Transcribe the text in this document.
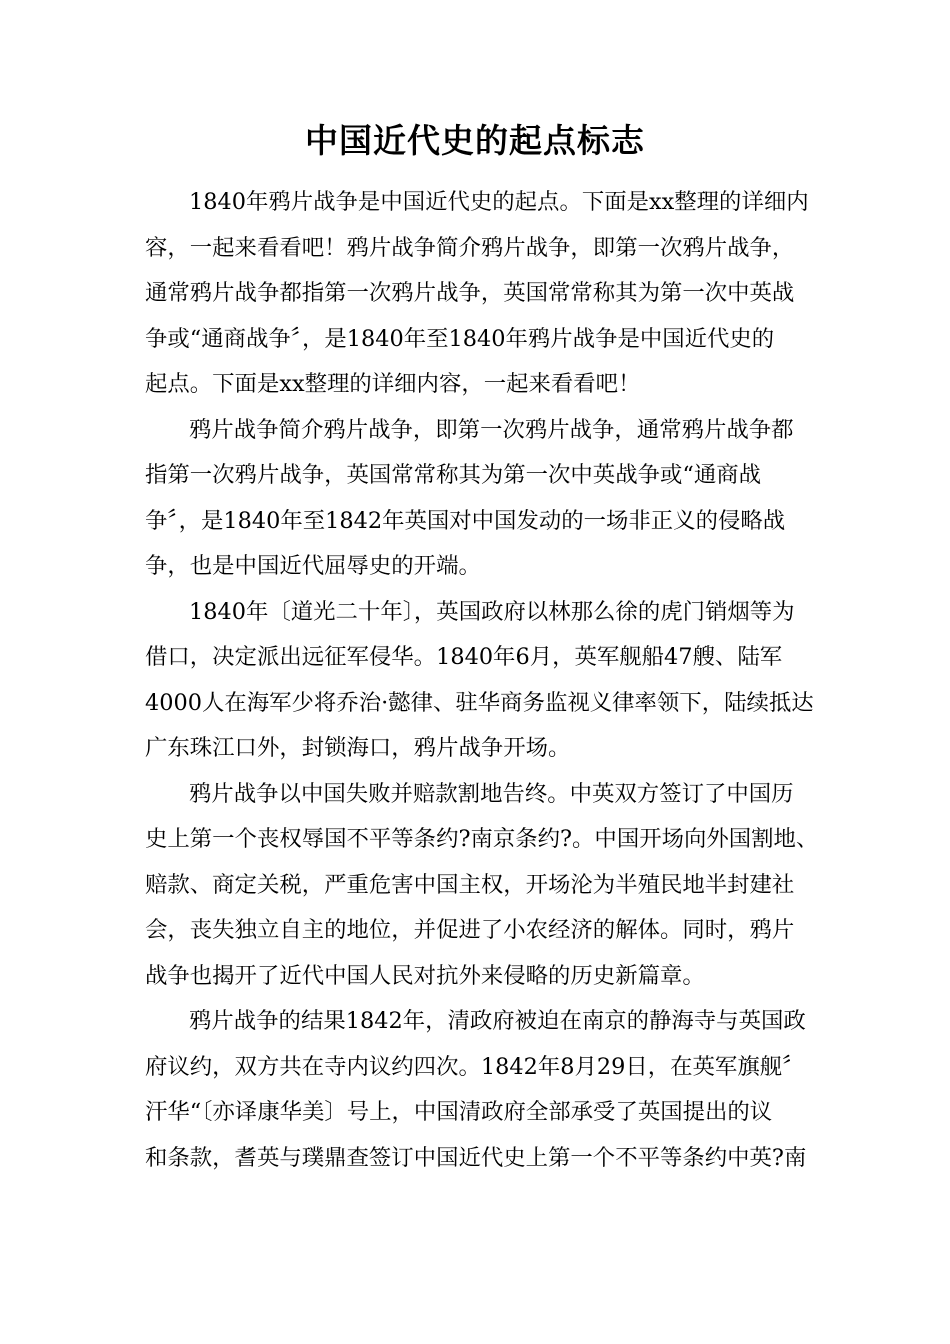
中国近代史的起点标志
1840年鸦片战争是中国近代史的起点。下面是xx整理的详细内
容，一起来看看吧！鸦片战争简介鸦片战争，即第一次鸦片战争，
通常鸦片战争都指第一次鸦片战争，英国常常称其为第一次中英战
争或“通商战争〞，是1840年至1840年鸦片战争是中国近代史的
起点。下面是xx整理的详细内容，一起来看看吧！
鸦片战争简介鸦片战争，即第一次鸦片战争，通常鸦片战争都
指第一次鸦片战争，英国常常称其为第一次中英战争或“通商战
争〞，是1840年至1842年英国对中国发动的一场非正义的侵略战
争，也是中国近代屈辱史的开端。
1840年〔道光二十年〕，英国政府以林那么徐的虎门销烟等为
借口，决定派出远征军侵华。1840年6月，英军舰船47艘、陆军
4000人在海军少将乔治·懿律、驻华商务监视义律率领下，陆续抵达
广东珠江口外，封锁海口，鸦片战争开场。
鸦片战争以中国失败并赔款割地告终。中英双方签订了中国历
史上第一个丧权辱国不平等条约?南京条约?。中国开场向外国割地、
赔款、商定关税，严重危害中国主权，开场沦为半殖民地半封建社
会，丧失独立自主的地位，并促进了小农经济的解体。同时，鸦片
战争也揭开了近代中国人民对抗外来侵略的历史新篇章。
鸦片战争的结果1842年，清政府被迫在南京的静海寺与英国政
府议约，双方共在寺内议约四次。1842年8月29日，在英军旗舰〞
汗华“〔亦译康华美〕号上，中国清政府全部承受了英国提出的议
和条款，耆英与璞鼎查签订中国近代史上第一个不平等条约中英?南
